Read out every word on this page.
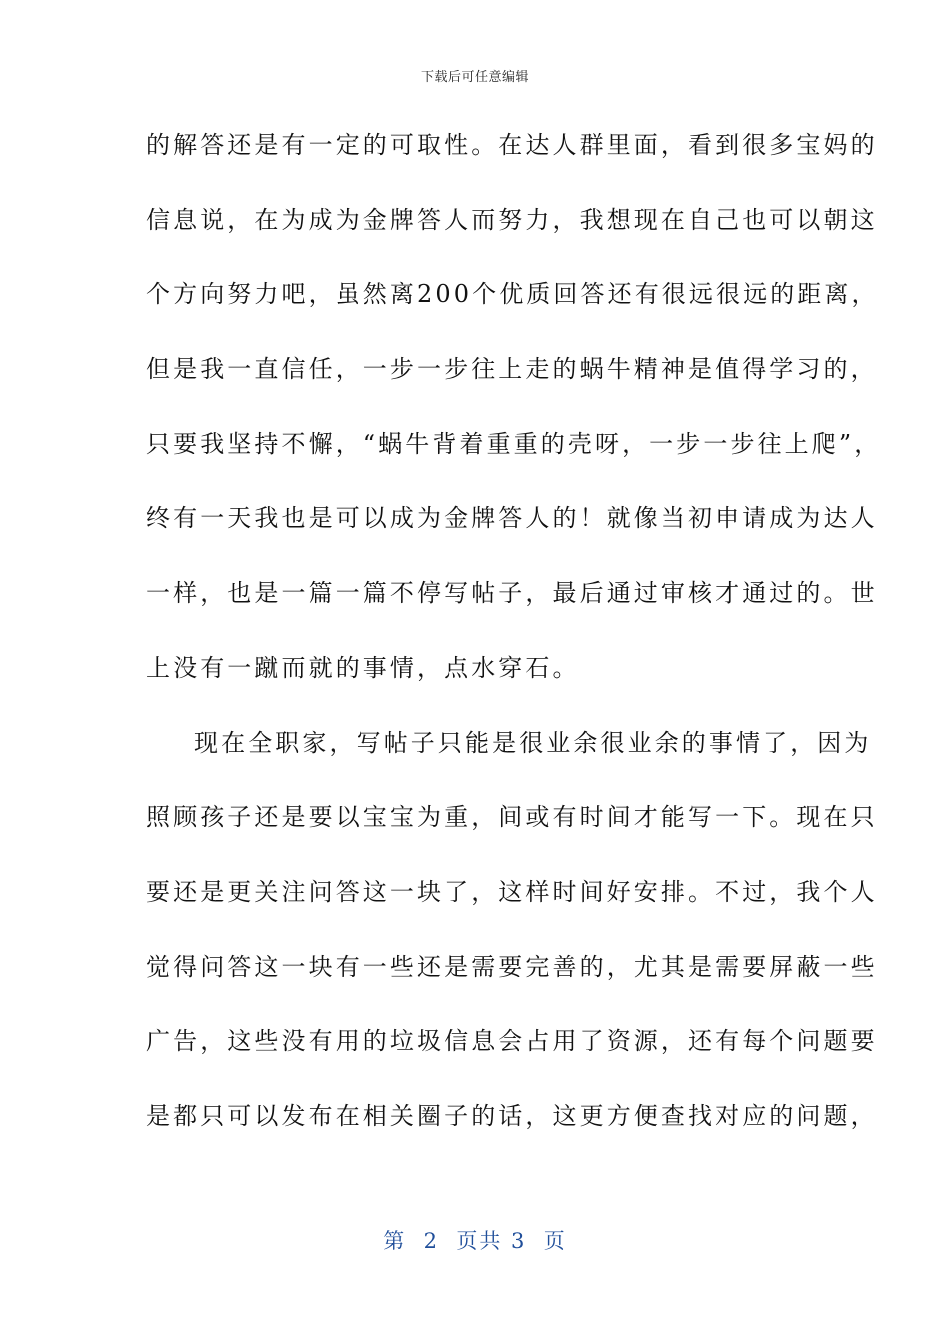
下载后可任意编辑
的解答还是有一定的可取性。在达人群里面，看到很多宝妈的
信息说，在为成为金牌答人而努力，我想现在自己也可以朝这
个方向努力吧，虽然离200个优质回答还有很远很远的距离，
但是我一直信任，一步一步往上走的蜗牛精神是值得学习的，
只要我坚持不懈，“蜗牛背着重重的壳呀，一步一步往上爬”，
终有一天我也是可以成为金牌答人的！就像当初申请成为达人
一样，也是一篇一篇不停写帖子，最后通过审核才通过的。世
上没有一蹴而就的事情，点水穿石。
现在全职家，写帖子只能是很业余很业余的事情了，因为
照顾孩子还是要以宝宝为重，间或有时间才能写一下。现在只
要还是更关注问答这一块了，这样时间好安排。不过，我个人
觉得问答这一块有一些还是需要完善的，尤其是需要屏蔽一些
广告，这些没有用的垃圾信息会占用了资源，还有每个问题要
是都只可以发布在相关圈子的话，这更方便查找对应的问题，
第  2  页共 3  页
